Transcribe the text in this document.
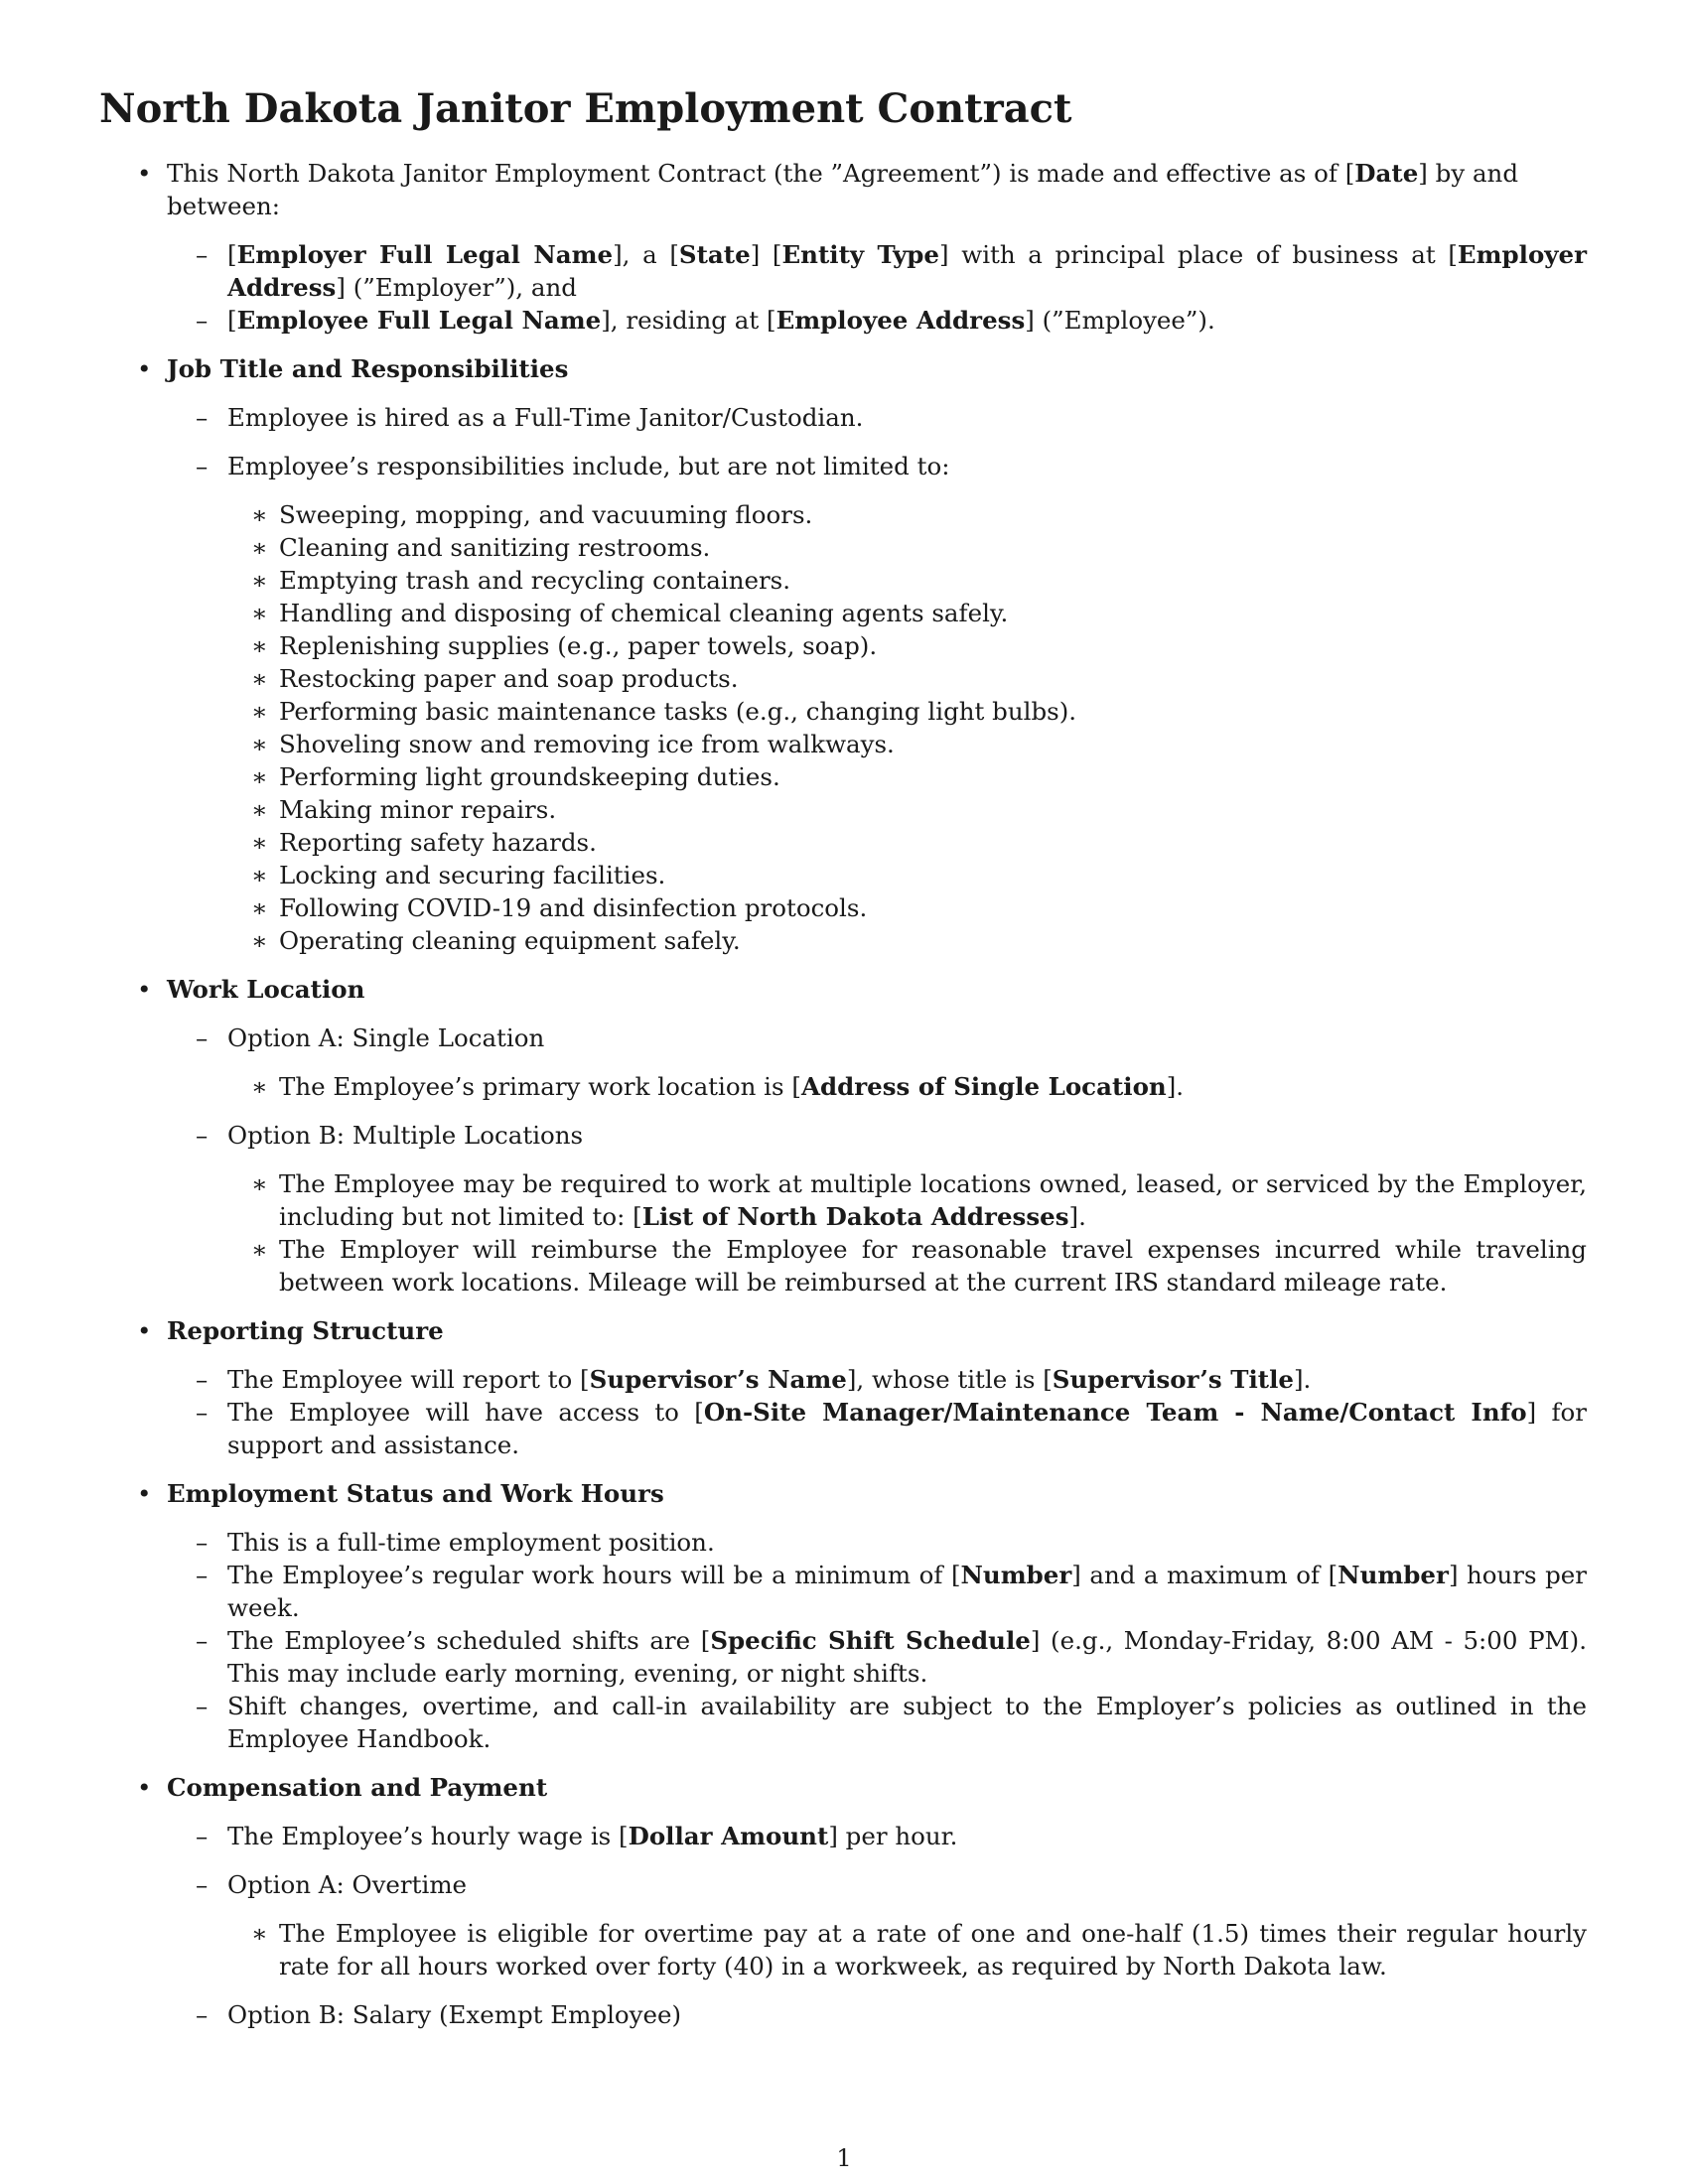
North Dakota Janitor Employment Contract
• This North Dakota Janitor Employment Contract (the ”Agreement”) is made and effective as of [Date] by and between:
– [Employer Full Legal Name], a [State] [Entity Type] with a principal place of business at [Employer Address] (”Employer”), and
– [Employee Full Legal Name], residing at [Employee Address] (”Employee”).
• Job Title and Responsibilities
– Employee is hired as a Full-Time Janitor/Custodian.
– Employee’s responsibilities include, but are not limited to:
∗ Sweeping, mopping, and vacuuming floors.
∗ Cleaning and sanitizing restrooms.
∗ Emptying trash and recycling containers.
∗ Handling and disposing of chemical cleaning agents safely.
∗ Replenishing supplies (e.g., paper towels, soap).
∗ Restocking paper and soap products.
∗ Performing basic maintenance tasks (e.g., changing light bulbs).
∗ Shoveling snow and removing ice from walkways.
∗ Performing light groundskeeping duties.
∗ Making minor repairs.
∗ Reporting safety hazards.
∗ Locking and securing facilities.
∗ Following COVID-19 and disinfection protocols.
∗ Operating cleaning equipment safely.
• Work Location
– Option A: Single Location
∗ The Employee’s primary work location is [Address of Single Location].
– Option B: Multiple Locations
∗ The Employee may be required to work at multiple locations owned, leased, or serviced by the Employer, including but not limited to: [List of North Dakota Addresses].
∗ The Employer will reimburse the Employee for reasonable travel expenses incurred while traveling between work locations. Mileage will be reimbursed at the current IRS standard mileage rate.
• Reporting Structure
– The Employee will report to [Supervisor’s Name], whose title is [Supervisor’s Title].
– The Employee will have access to [On-Site Manager/Maintenance Team - Name/Contact Info] for support and assistance.
• Employment Status and Work Hours
– This is a full-time employment position.
– The Employee’s regular work hours will be a minimum of [Number] and a maximum of [Number] hours per week.
– The Employee’s scheduled shifts are [Specific Shift Schedule] (e.g., Monday-Friday, 8:00 AM - 5:00 PM). This may include early morning, evening, or night shifts.
– Shift changes, overtime, and call-in availability are subject to the Employer’s policies as outlined in the Employee Handbook.
• Compensation and Payment
– The Employee’s hourly wage is [Dollar Amount] per hour.
– Option A: Overtime
∗ The Employee is eligible for overtime pay at a rate of one and one-half (1.5) times their regular hourly rate for all hours worked over forty (40) in a workweek, as required by North Dakota law.
– Option B: Salary (Exempt Employee)
1
